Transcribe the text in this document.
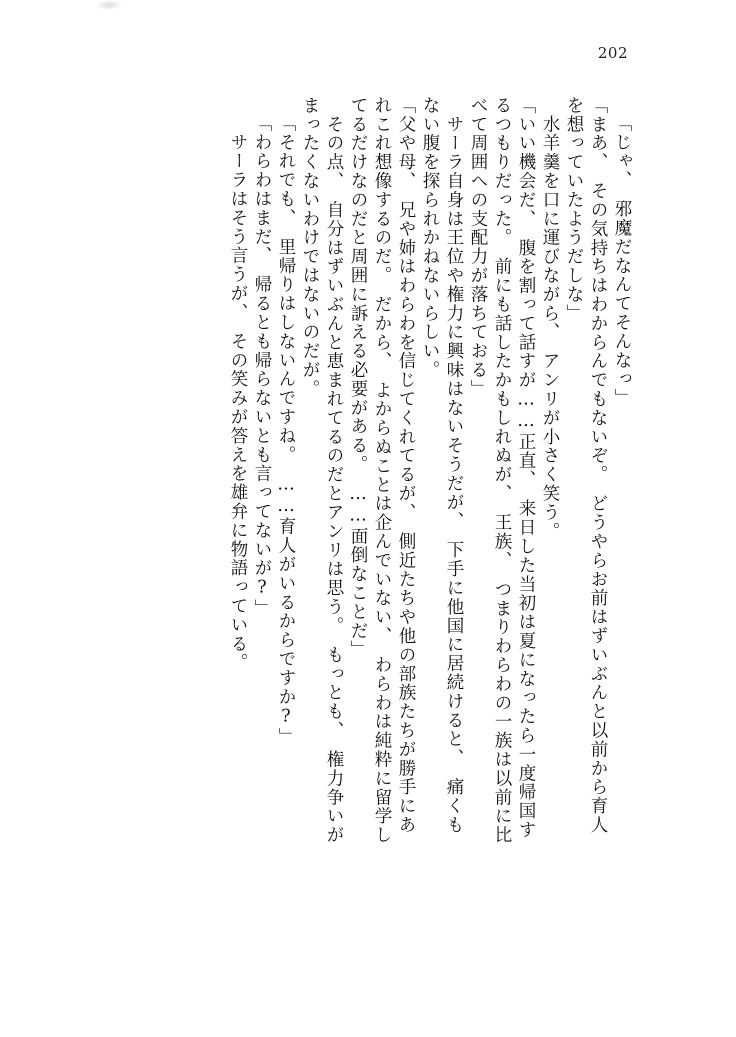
202
「じゃ、　邪魔だなんてそんなっ」
「まあ、　その気持ちはわからんでもないぞ。　どうやらお前はずいぶんと以前から育人
を想っていたようだしな」
　水羊羹を口に運びながら、　アンリが小さく笑う。
「いい機会だ、　腹を割って話すが……正直、　来日した当初は夏になったら一度帰国す
るつもりだった。　前にも話したかもしれぬが、　王族、　つまりわらわの一族は以前に比
べて周囲への支配力が落ちておる」
　サーラ自身は王位や権力に興味はないそうだが、　下手に他国に居続けると、　痛くも
ない腹を探られかねないらしい。
「父や母、　兄や姉はわらわを信じてくれてるが、　側近たちや他の部族たちが勝手にあ
れこれ想像するのだ。　だから、　よからぬことは企んでいない、　わらわは純粋に留学し
てるだけなのだと周囲に訴える必要がある。　……面倒なことだ」
　その点、　自分はずいぶんと恵まれてるのだとアンリは思う。　もっとも、　権力争いが
まったくないわけではないのだが。
「それでも、　里帰りはしないんですね。　……育人がいるからですか?」
「わらわはまだ、　帰るとも帰らないとも言ってないが?」
　サーラはそう言うが、　その笑みが答えを雄弁に物語っている。
